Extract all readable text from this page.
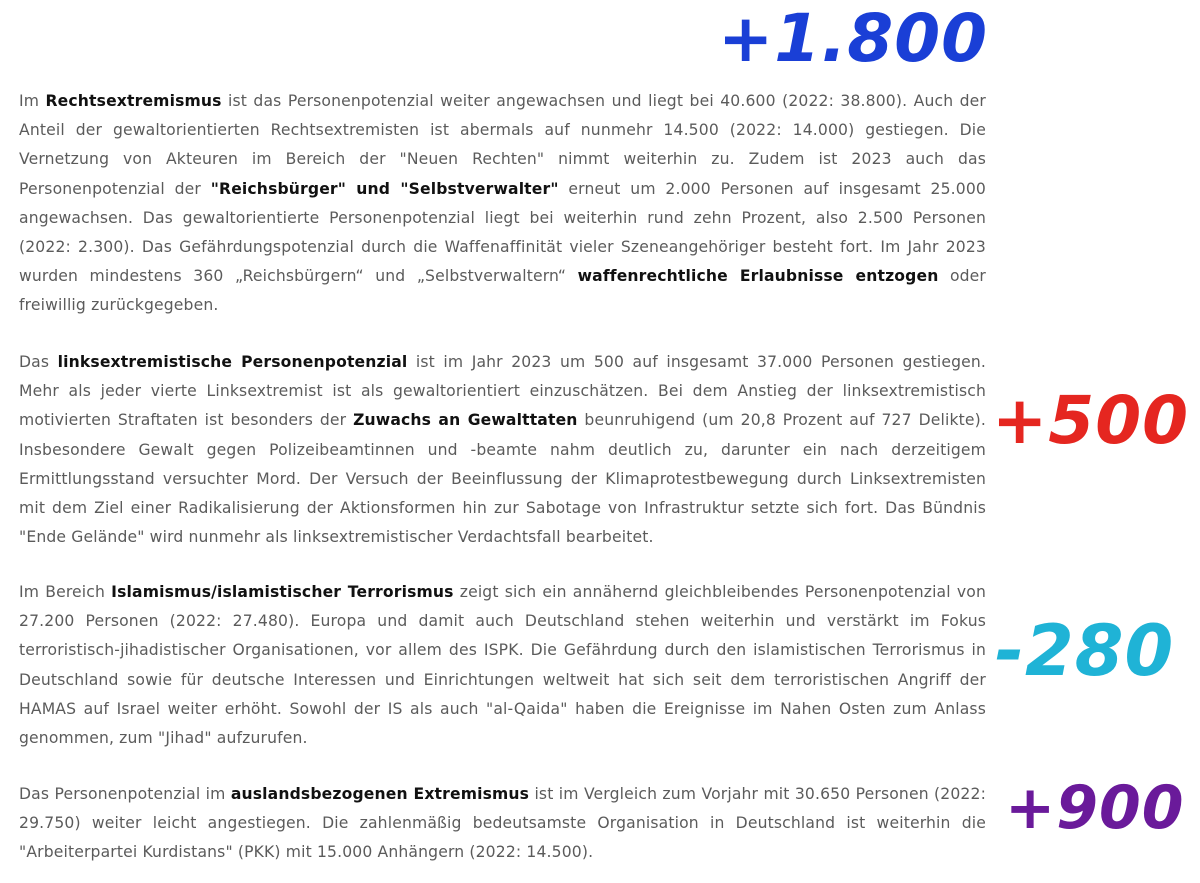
+1.800
+500
-280
+900

Im Rechtsextremismus ist das Personenpotenzial weiter angewachsen und liegt bei 40.600 (2022: 38.800). Auch der Anteil der gewaltorientierten Rechtsextremisten ist abermals auf nunmehr 14.500 (2022: 14.000) gestiegen. Die Vernetzung von Akteuren im Bereich der "Neuen Rechten" nimmt weiterhin zu. Zudem ist 2023 auch das Personenpotenzial der "Reichsbürger" und "Selbstverwalter" erneut um 2.000 Personen auf insgesamt 25.000 angewachsen. Das gewaltorientierte Personenpotenzial liegt bei weiterhin rund zehn Prozent, also 2.500 Personen (2022: 2.300). Das Gefährdungspotenzial durch die Waffenaffinität vieler Szeneangehöriger besteht fort. Im Jahr 2023 wurden mindestens 360 „Reichsbürgern“ und „Selbstverwaltern“ waffenrechtliche Erlaubnisse entzogen oder freiwillig zurückgegeben.

Das linksextremistische Personenpotenzial ist im Jahr 2023 um 500 auf insgesamt 37.000 Personen gestiegen. Mehr als jeder vierte Linksextremist ist als gewaltorientiert einzuschätzen. Bei dem Anstieg der linksextremistisch motivierten Straftaten ist besonders der Zuwachs an Gewalttaten beunruhigend (um 20,8 Prozent auf 727 Delikte). Insbesondere Gewalt gegen Polizeibeamtinnen und -beamte nahm deutlich zu, darunter ein nach derzeitigem Ermittlungsstand versuchter Mord. Der Versuch der Beeinflussung der Klimaprotestbewegung durch Linksextremisten mit dem Ziel einer Radikalisierung der Aktionsformen hin zur Sabotage von Infrastruktur setzte sich fort. Das Bündnis "Ende Gelände" wird nunmehr als linksextremistischer Verdachtsfall bearbeitet.

Im Bereich Islamismus/islamistischer Terrorismus zeigt sich ein annähernd gleichbleibendes Personenpotenzial von 27.200 Personen (2022: 27.480). Europa und damit auch Deutschland stehen weiterhin und verstärkt im Fokus terroristisch-jihadistischer Organisationen, vor allem des ISPK. Die Gefährdung durch den islamistischen Terrorismus in Deutschland sowie für deutsche Interessen und Einrichtungen weltweit hat sich seit dem terroristischen Angriff der HAMAS auf Israel weiter erhöht. Sowohl der IS als auch "al-Qaida" haben die Ereignisse im Nahen Osten zum Anlass genommen, zum "Jihad" aufzurufen.

Das Personenpotenzial im auslandsbezogenen Extremismus ist im Vergleich zum Vorjahr mit 30.650 Personen (2022: 29.750) weiter leicht angestiegen. Die zahlenmäßig bedeutsamste Organisation in Deutschland ist weiterhin die "Arbeiterpartei Kurdistans" (PKK) mit 15.000 Anhängern (2022: 14.500).
